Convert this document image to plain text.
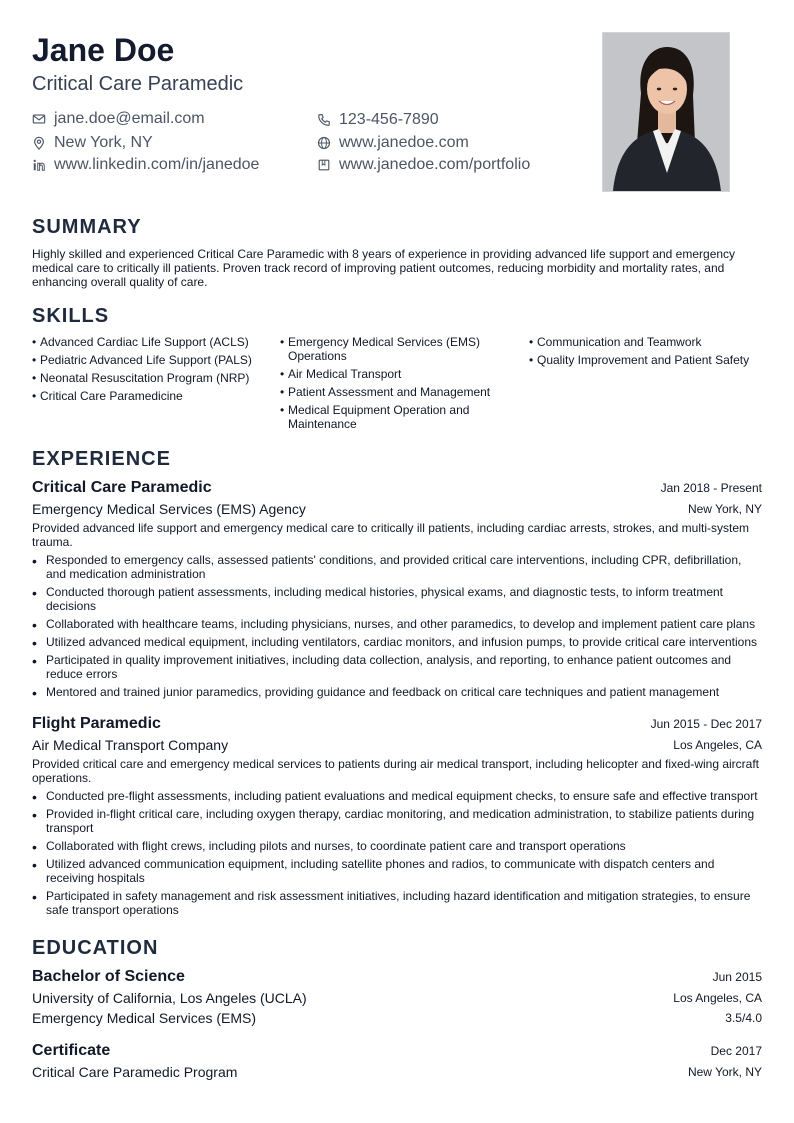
Jane Doe
Critical Care Paramedic
jane.doe@email.com	123-456-7890
New York, NY	www.janedoe.com
www.linkedin.com/in/janedoe	www.janedoe.com/portfolio
SUMMARY
Highly skilled and experienced Critical Care Paramedic with 8 years of experience in providing advanced life support and emergency medical care to critically ill patients. Proven track record of improving patient outcomes, reducing morbidity and mortality rates, and enhancing overall quality of care.
SKILLS
• Advanced Cardiac Life Support (ACLS)
• Pediatric Advanced Life Support (PALS)
• Neonatal Resuscitation Program (NRP)
• Critical Care Paramedicine
• Emergency Medical Services (EMS) Operations
• Air Medical Transport
• Patient Assessment and Management
• Medical Equipment Operation and Maintenance
• Communication and Teamwork
• Quality Improvement and Patient Safety
EXPERIENCE
Critical Care Paramedic	Jan 2018 - Present
Emergency Medical Services (EMS) Agency	New York, NY
Provided advanced life support and emergency medical care to critically ill patients, including cardiac arrests, strokes, and multi-system trauma.
• Responded to emergency calls, assessed patients' conditions, and provided critical care interventions, including CPR, defibrillation, and medication administration
• Conducted thorough patient assessments, including medical histories, physical exams, and diagnostic tests, to inform treatment decisions
• Collaborated with healthcare teams, including physicians, nurses, and other paramedics, to develop and implement patient care plans
• Utilized advanced medical equipment, including ventilators, cardiac monitors, and infusion pumps, to provide critical care interventions
• Participated in quality improvement initiatives, including data collection, analysis, and reporting, to enhance patient outcomes and reduce errors
• Mentored and trained junior paramedics, providing guidance and feedback on critical care techniques and patient management
Flight Paramedic	Jun 2015 - Dec 2017
Air Medical Transport Company	Los Angeles, CA
Provided critical care and emergency medical services to patients during air medical transport, including helicopter and fixed-wing aircraft operations.
• Conducted pre-flight assessments, including patient evaluations and medical equipment checks, to ensure safe and effective transport
• Provided in-flight critical care, including oxygen therapy, cardiac monitoring, and medication administration, to stabilize patients during transport
• Collaborated with flight crews, including pilots and nurses, to coordinate patient care and transport operations
• Utilized advanced communication equipment, including satellite phones and radios, to communicate with dispatch centers and receiving hospitals
• Participated in safety management and risk assessment initiatives, including hazard identification and mitigation strategies, to ensure safe transport operations
EDUCATION
Bachelor of Science	Jun 2015
University of California, Los Angeles (UCLA)	Los Angeles, CA
Emergency Medical Services (EMS)	3.5/4.0
Certificate	Dec 2017
Critical Care Paramedic Program	New York, NY
